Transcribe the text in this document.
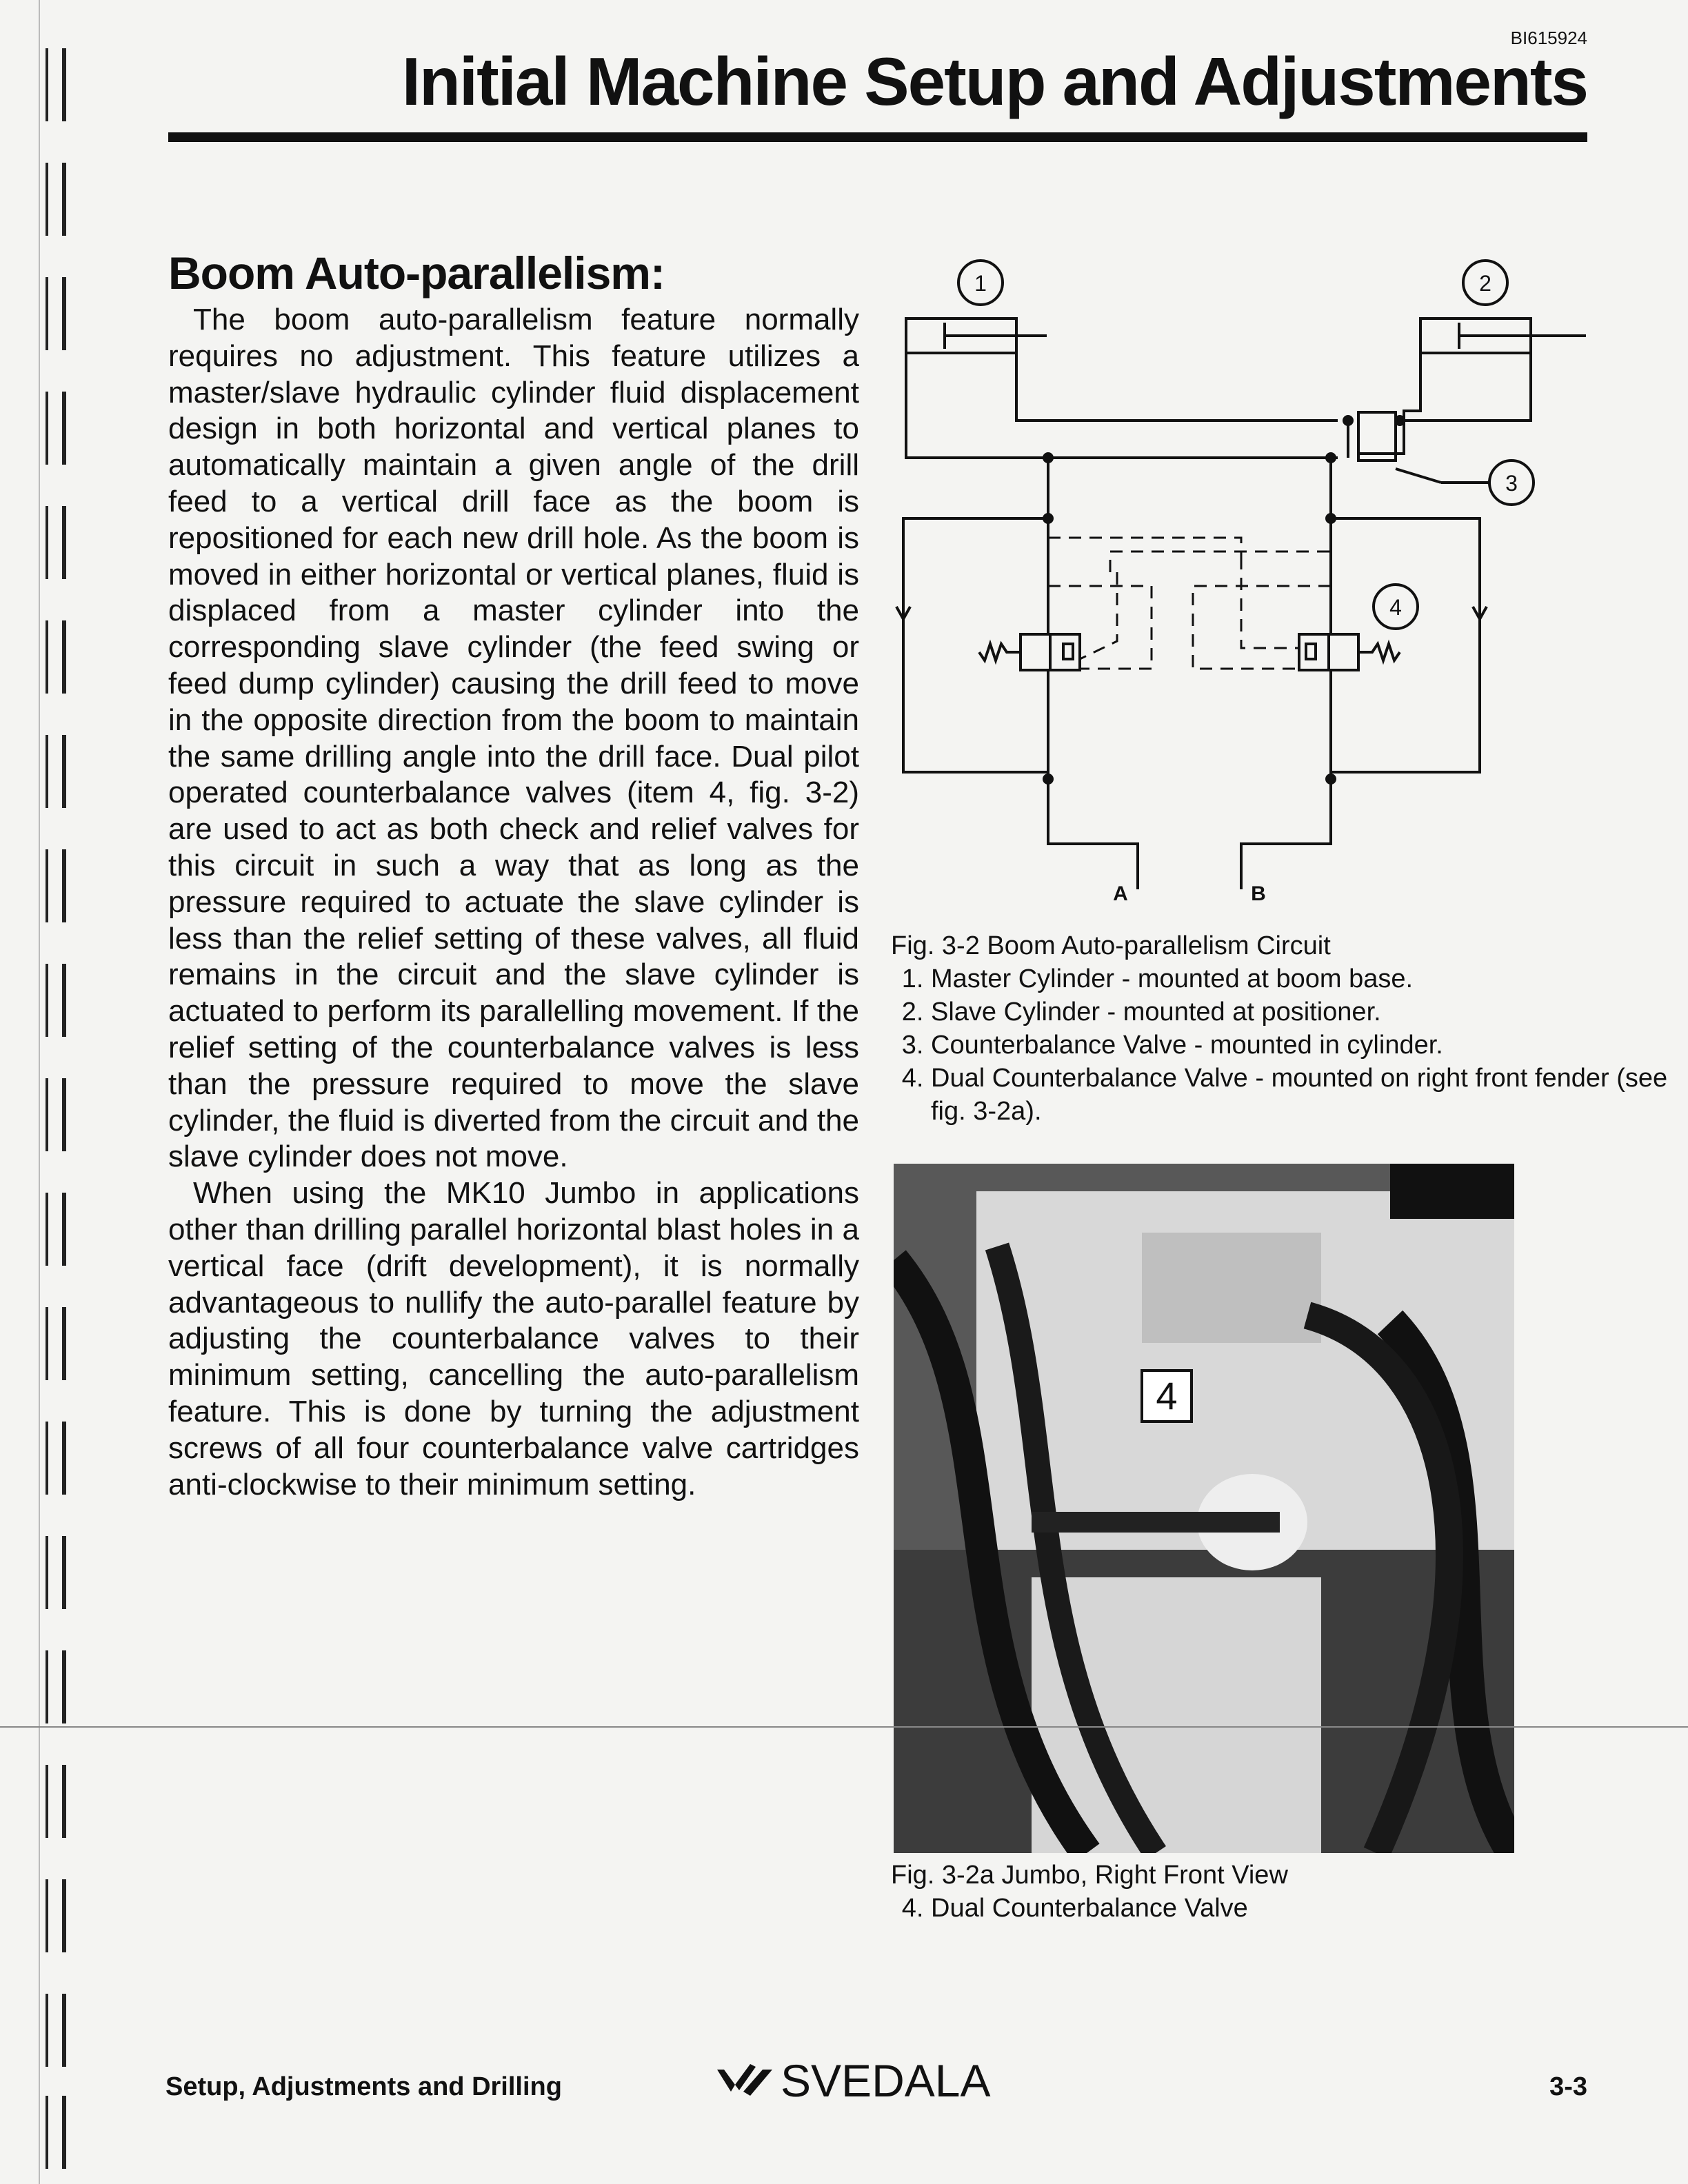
BI615924
Initial Machine Setup and Adjustments
Boom Auto-parallelism:

The boom auto-parallelism feature normally requires no adjustment. This feature utilizes a master/slave hydraulic cylinder fluid displacement design in both horizontal and vertical planes to automatically maintain a given angle of the drill feed to a vertical drill face as the boom is repositioned for each new drill hole. As the boom is moved in either horizontal or vertical planes, fluid is displaced from a master cylinder into the corresponding slave cylinder (the feed swing or feed dump cylinder) causing the drill feed to move in the opposite direction from the boom to maintain the same drilling angle into the drill face. Dual pilot operated counterbalance valves (item 4, fig. 3-2) are used to act as both check and relief valves for this circuit in such a way that as long as the pressure required to actuate the slave cylinder is less than the relief setting of these valves, all fluid remains in the circuit and the slave cylinder is actuated to perform its parallelling movement. If the relief setting of the counterbalance valves is less than the pressure required to move the slave cylinder, the fluid is diverted from the circuit and the slave cylinder does not move.

When using the MK10 Jumbo in applications other than drilling parallel horizontal blast holes in a vertical face (drift development), it is normally advantageous to nullify the auto-parallel feature by adjusting the counterbalance valves to their minimum setting, cancelling the auto-parallelism feature. This is done by turning the adjustment screws of all four counterbalance valve cartridges anti-clockwise to their minimum setting.

1	2
3
4
A	B

Fig. 3-2 Boom Auto-parallelism Circuit

1. Master Cylinder - mounted at boom base.
2. Slave Cylinder - mounted at positioner.
3. Counterbalance Valve - mounted in cylinder.
4. Dual Counterbalance Valve - mounted on right front fender (see fig. 3-2a).
4

Fig. 3-2a Jumbo, Right Front View

4. Dual Counterbalance Valve
Setup, Adjustments and Drilling	SVEDALA	3-3
